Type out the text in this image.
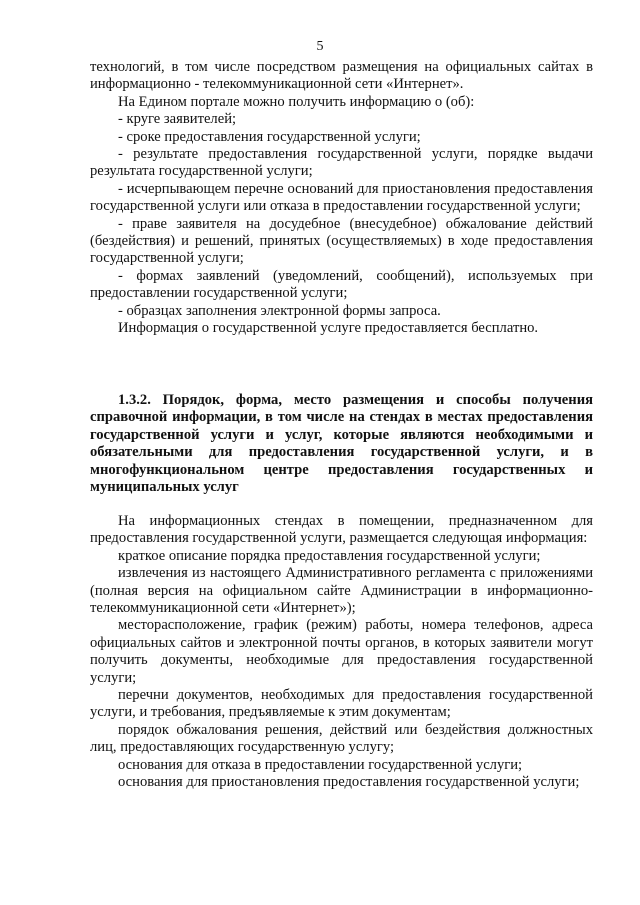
5

технологий, в том числе посредством размещения на официальных сайтах в информационно - телекоммуникационной сети «Интернет».

На Едином портале можно получить информацию о (об):

- круге заявителей;

- сроке предоставления государственной услуги;

- результате предоставления государственной услуги, порядке выдачи результата государственной услуги;

- исчерпывающем перечне оснований для приостановления предоставления государственной услуги или отказа в предоставлении государственной услуги;

- праве заявителя на досудебное (внесудебное) обжалование действий (бездействия) и решений, принятых (осуществляемых) в ходе предоставления государственной услуги;

- формах заявлений (уведомлений, сообщений), используемых при предоставлении государственной услуги;

- образцах заполнения электронной формы запроса.

Информация о государственной услуге предоставляется бесплатно.

1.3.2. Порядок, форма, место размещения и способы получения справочной информации, в том числе на стендах в местах предоставления государственной услуги и услуг, которые являются необходимыми и обязательными для предоставления государственной услуги, и в многофункциональном центре предоставления государственных и муниципальных услуг

На информационных стендах в помещении, предназначенном для предоставления государственной услуги, размещается следующая информация:

краткое описание порядка предоставления государственной услуги;

извлечения из настоящего Административного регламента с приложениями (полная версия на официальном сайте Администрации в информационно-телекоммуникационной сети «Интернет»);

месторасположение, график (режим) работы, номера телефонов, адреса официальных сайтов и электронной почты органов, в которых заявители могут получить документы, необходимые для предоставления государственной услуги;

перечни документов, необходимых для предоставления государственной услуги, и требования, предъявляемые к этим документам;

порядок обжалования решения, действий или бездействия должностных лиц, предоставляющих государственную услугу;

основания для отказа в предоставлении государственной услуги;

основания для приостановления предоставления государственной услуги;
